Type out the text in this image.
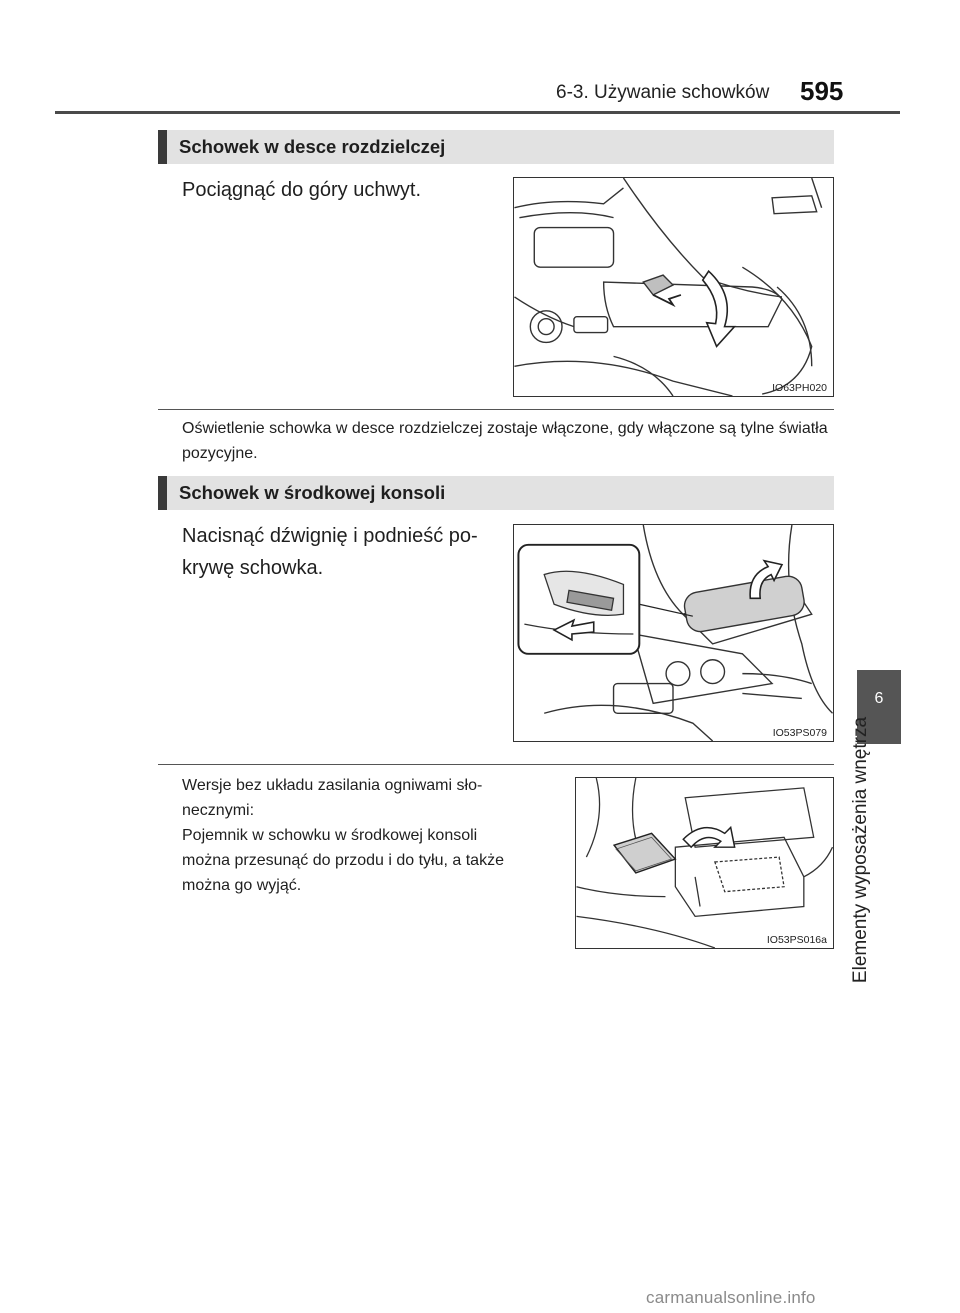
6-3. Używanie schowków 595
6
Elementy wyposażenia wnętrza
Schowek w desce rozdzielczej
Pociągnąć do góry uchwyt.
IO63PH020
Oświetlenie schowka w desce rozdzielczej zostaje włączone, gdy włączone są tylne światła pozycyjne.
Schowek w środkowej konsoli
Nacisnąć dźwignię i podnieść po-
krywę schowka.
IO53PS079
Wersje bez układu zasilania ogniwami sło-
necznymi:
Pojemnik w schowku w środkowej konsoli
można przesunąć do przodu i do tyłu, a także
można go wyjąć.
IO53PS016a
carmanualsonline.info
